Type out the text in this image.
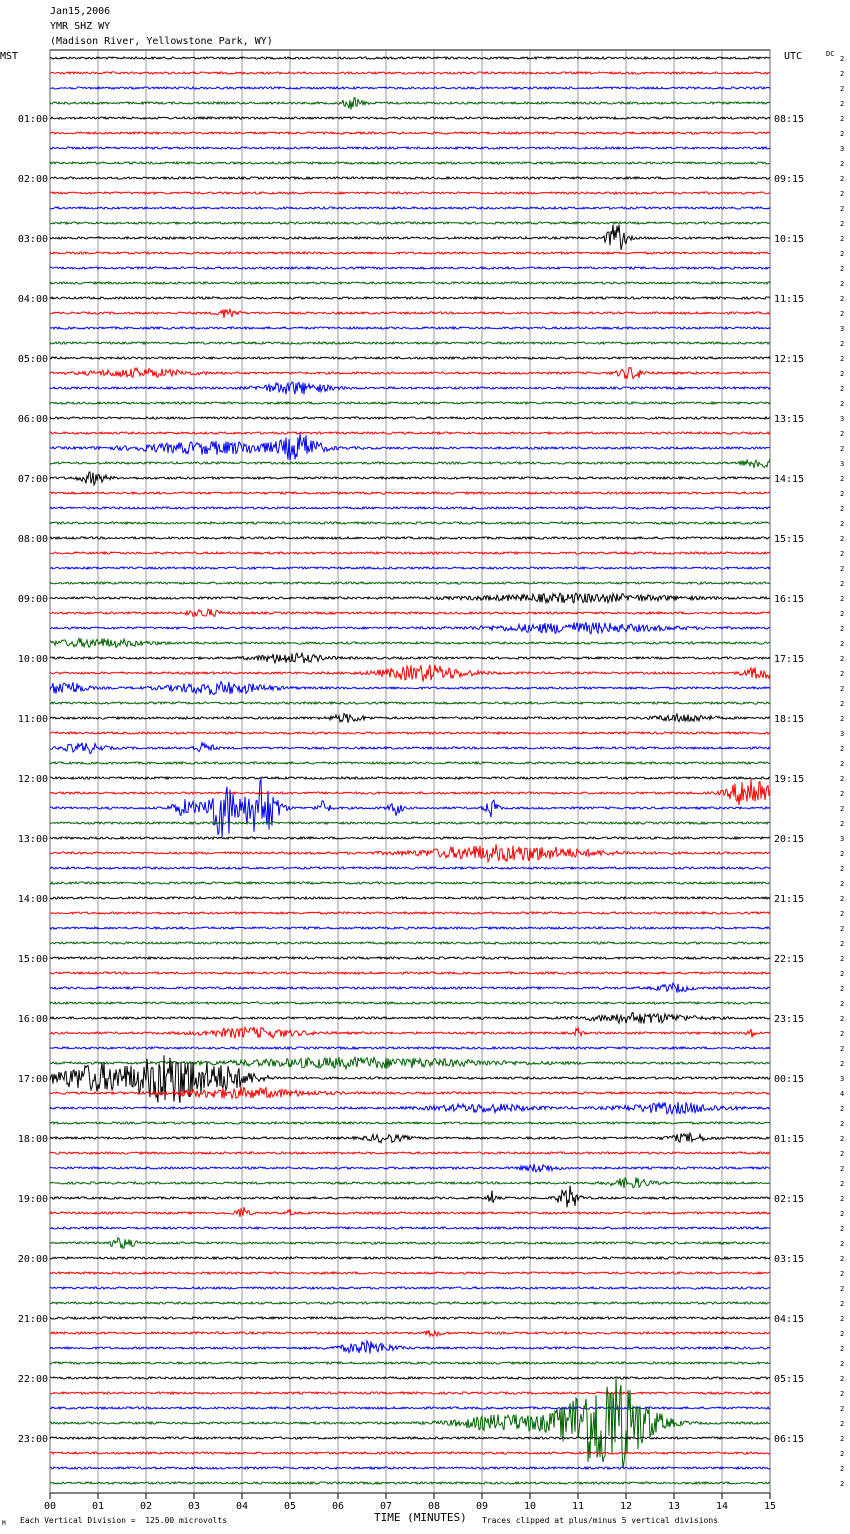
Jan15,2006
YMR SHZ WY
(Madison River, Yellowstone Park, WY)
MST	UTC	DC
00	01	02	03	04	05	06	07	08	09	10	11	12	13	14	15
2
2
2
2
2
2
3
2
2
2
2
2
2
2
2
2
2
2
3
2
2
2
2
2
3
2
2
3
2
2
2
2
2
2
2
2
2
2
2
2
2
2
2
2
2
3
2
2
2
2
2
2
3
2
2
2
2
2
2
2
2
2
2
2
2
2
2
2
3
4
2
2
2
2
2
2
2
2
2
2
2
2
2
2
2
2
2
2
2
2
2
2
2
2
2
2
01:00
02:00
03:00
04:00
05:00
06:00
07:00
08:00
09:00
10:00
11:00
12:00
13:00
14:00
15:00
16:00
17:00
18:00
19:00
20:00
21:00
22:00
23:00
08:15
09:15
10:15
11:15
12:15
13:15
14:15
15:15
16:15
17:15
18:15
19:15
20:15
21:15
22:15
23:15
00:15
01:15
02:15
03:15
04:15
05:15
06:15
M Each Vertical Division =  125.00 microvolts	TIME (MINUTES) Traces clipped at plus/minus 5 vertical divisions
